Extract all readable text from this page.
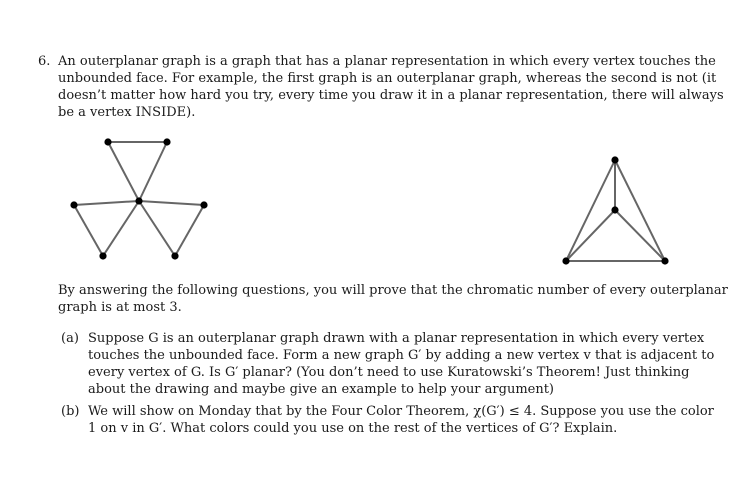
6. An outerplanar graph is a graph that has a planar representation in which every vertex touches the
unbounded face. For example, the first graph is an outerplanar graph, whereas the second is not (it
doesn’t matter how hard you try, every time you draw it in a planar representation, there will always
be a vertex INSIDE).
By answering the following questions, you will prove that the chromatic number of every outerplanar
graph is at most 3.
(a) Suppose G is an outerplanar graph drawn with a planar representation in which every vertex
touches the unbounded face. Form a new graph G′ by adding a new vertex v that is adjacent to
every vertex of G. Is G′ planar? (You don’t need to use Kuratowski’s Theorem! Just thinking
about the drawing and maybe give an example to help your argument)
(b) We will show on Monday that by the Four Color Theorem, χ(G′) ≤ 4. Suppose you use the color
1 on v in G′. What colors could you use on the rest of the vertices of G′? Explain.
